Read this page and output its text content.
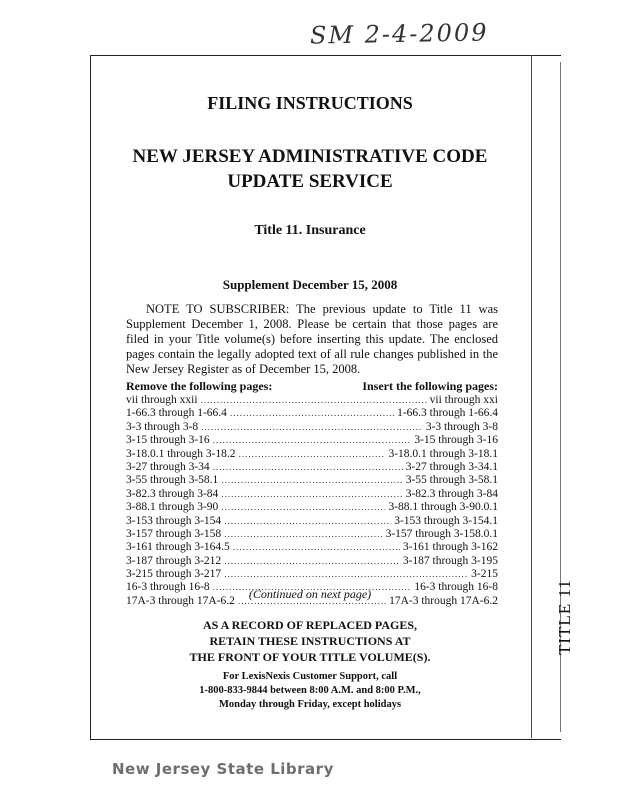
SM 2-4-2009
TITLE 11
FILING INSTRUCTIONS
NEW JERSEY ADMINISTRATIVE CODE
UPDATE SERVICE
Title 11. Insurance
Supplement December 15, 2008
NOTE TO SUBSCRIBER: The previous update to Title 11 was Supplement December 1, 2008. Please be certain that those pages are filed in your Title volume(s) before inserting this update. The enclosed pages contain the legally adopted text of all rule changes published in the New Jersey Register as of December 15, 2008.
Remove the following pages:	Insert the following pages:
vii through xxii .....	vii through xxi
1-66.3 through 1-66.4 .....	1-66.3 through 1-66.4
3-3 through 3-8 .....	3-3 through 3-8
3-15 through 3-16 .....	3-15 through 3-16
3-18.0.1 through 3-18.2 .....	3-18.0.1 through 3-18.1
3-27 through 3-34 .....	3-27 through 3-34.1
3-55 through 3-58.1 .....	3-55 through 3-58.1
3-82.3 through 3-84 .....	3-82.3 through 3-84
3-88.1 through 3-90 .....	3-88.1 through 3-90.0.1
3-153 through 3-154 .....	3-153 through 3-154.1
3-157 through 3-158 .....	3-157 through 3-158.0.1
3-161 through 3-164.5 .....	3-161 through 3-162
3-187 through 3-212 .....	3-187 through 3-195
3-215 through 3-217 .....	3-215
16-3 through 16-8 .....	16-3 through 16-8
17A-3 through 17A-6.2 .....	17A-3 through 17A-6.2
(Continued on next page)
AS A RECORD OF REPLACED PAGES,
RETAIN THESE INSTRUCTIONS AT
THE FRONT OF YOUR TITLE VOLUME(S).
For LexisNexis Customer Support, call
1-800-833-9844 between 8:00 A.M. and 8:00 P.M.,
Monday through Friday, except holidays
New Jersey State Library
